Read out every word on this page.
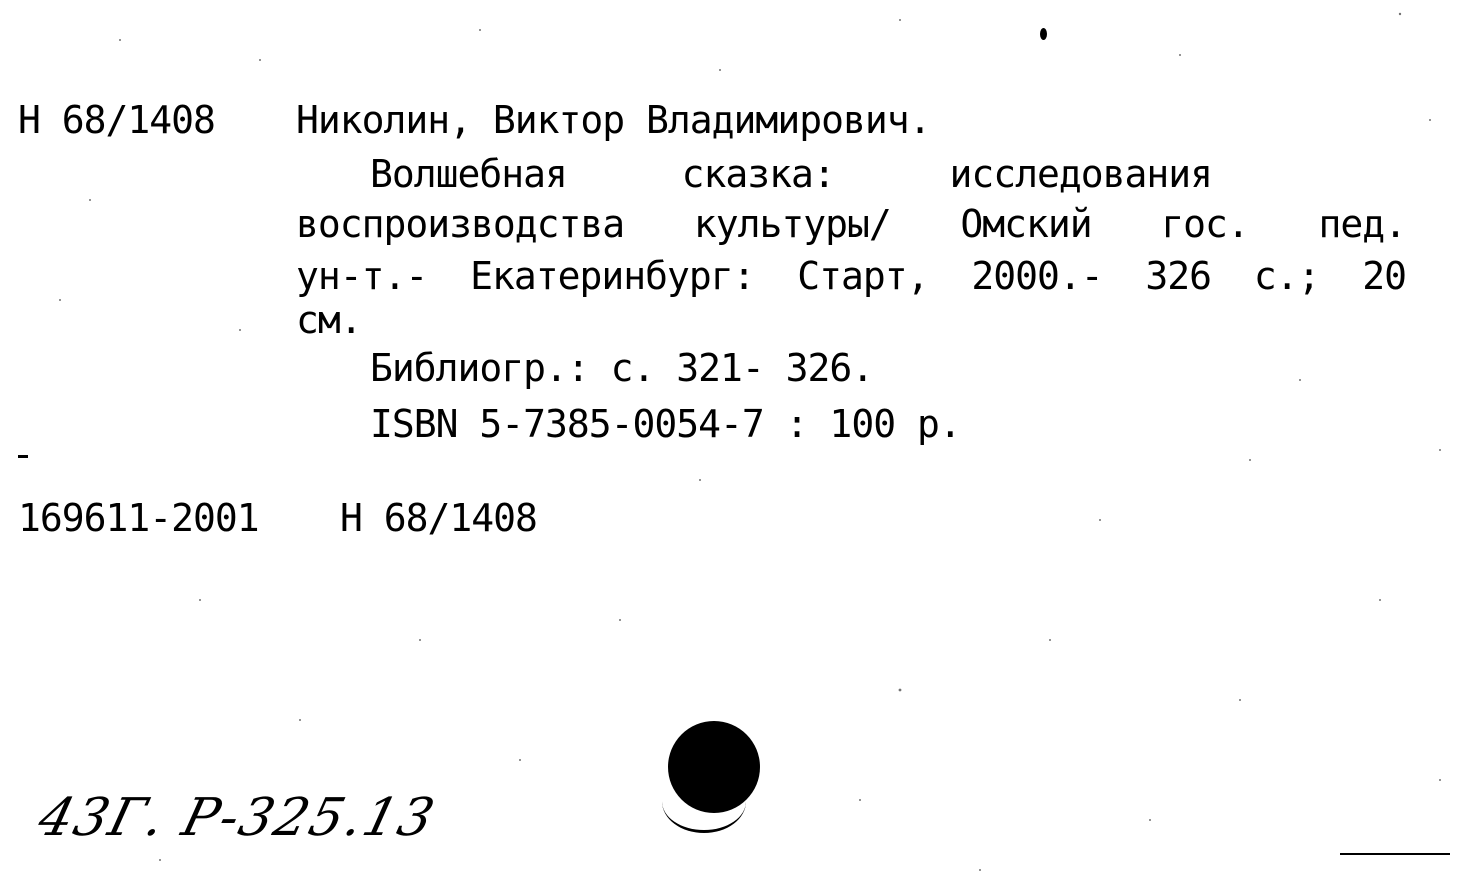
Н 68/1408 Николин, Виктор Владимирович.
Волшебная	сказка:	исследования
воспроизводства культуры/ Омский гос. пед.
ун-т.- Екатеринбург: Старт, 2000.- 326 с.; 20
см.
Библиогр.: с. 321- 326.
ISBN 5-7385-0054-7 : 100 р.
169611-2001 Н 68/1408
43Г. Р-325.13
